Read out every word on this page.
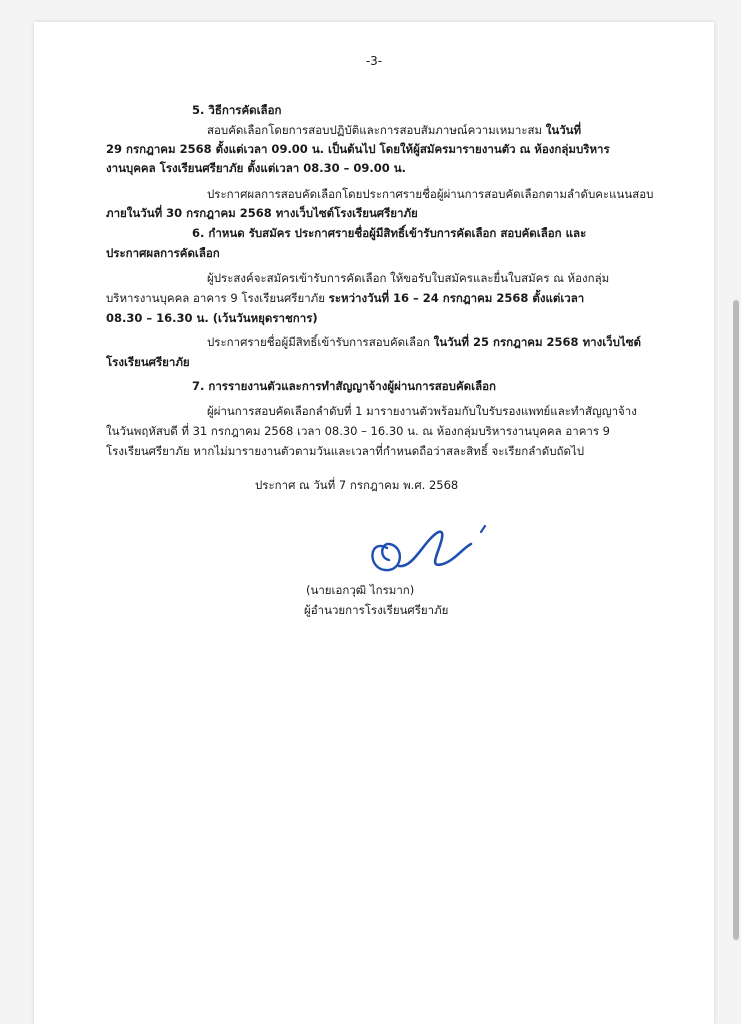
-3-
5. วิธีการคัดเลือก
สอบคัดเลือกโดยการสอบปฏิบัติและการสอบสัมภาษณ์ความเหมาะสม ในวันที่
29 กรกฎาคม 2568 ตั้งแต่เวลา 09.00 น. เป็นต้นไป โดยให้ผู้สมัครมารายงานตัว ณ ห้องกลุ่มบริหาร
งานบุคคล โรงเรียนศรียาภัย ตั้งแต่เวลา 08.30 – 09.00 น.
ประกาศผลการสอบคัดเลือกโดยประกาศรายชื่อผู้ผ่านการสอบคัดเลือกตามลำดับคะแนนสอบ
ภายในวันที่ 30 กรกฎาคม 2568 ทางเว็บไซต์โรงเรียนศรียาภัย
6. กำหนด รับสมัคร ประกาศรายชื่อผู้มีสิทธิ์เข้ารับการคัดเลือก สอบคัดเลือก และ
ประกาศผลการคัดเลือก
ผู้ประสงค์จะสมัครเข้ารับการคัดเลือก ให้ขอรับใบสมัครและยื่นใบสมัคร ณ ห้องกลุ่ม
บริหารงานบุคคล อาคาร 9 โรงเรียนศรียาภัย ระหว่างวันที่ 16 – 24 กรกฎาคม 2568 ตั้งแต่เวลา
08.30 – 16.30 น. (เว้นวันหยุดราชการ)
ประกาศรายชื่อผู้มีสิทธิ์เข้ารับการสอบคัดเลือก ในวันที่ 25 กรกฎาคม 2568 ทางเว็บไซต์
โรงเรียนศรียาภัย
7. การรายงานตัวและการทำสัญญาจ้างผู้ผ่านการสอบคัดเลือก
ผู้ผ่านการสอบคัดเลือกลำดับที่ 1 มารายงานตัวพร้อมกับใบรับรองแพทย์และทำสัญญาจ้าง
ในวันพฤหัสบดี ที่ 31 กรกฎาคม 2568 เวลา 08.30 – 16.30 น. ณ ห้องกลุ่มบริหารงานบุคคล อาคาร 9
โรงเรียนศรียาภัย หากไม่มารายงานตัวตามวันและเวลาที่กำหนดถือว่าสละสิทธิ์ จะเรียกลำดับถัดไป
ประกาศ ณ วันที่ 7 กรกฎาคม พ.ศ. 2568
(นายเอกวุฒิ ไกรมาก)
ผู้อำนวยการโรงเรียนศรียาภัย
